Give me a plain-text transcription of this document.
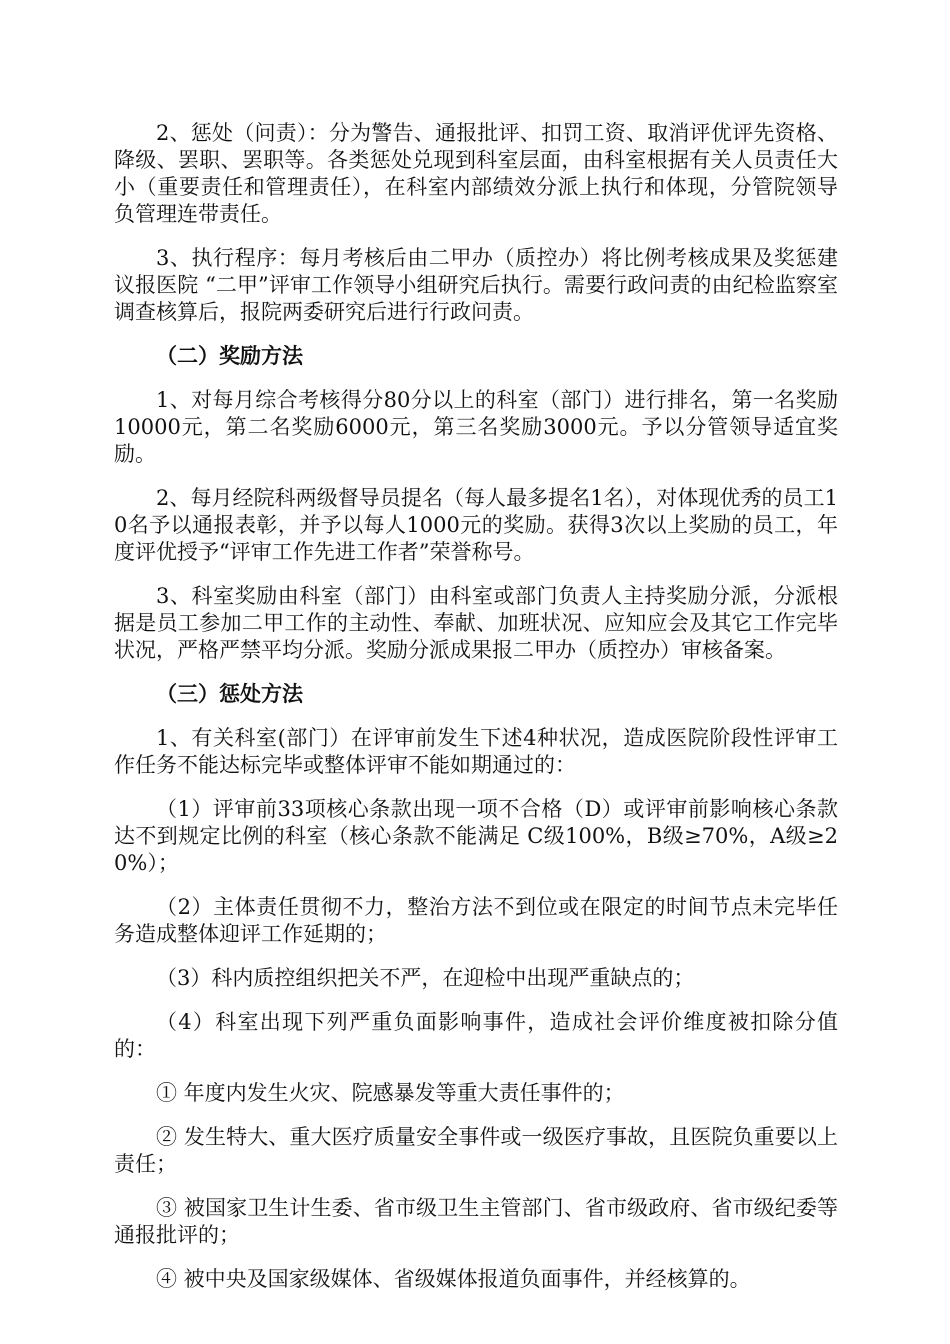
2、惩处（问责）：分为警告、通报批评、扣罚工资、取消评优评先资格、降级、罢职、罢职等。各类惩处兑现到科室层面，由科室根据有关人员责任大小（重要责任和管理责任），在科室内部绩效分派上执行和体现，分管院领导负管理连带责任。

3、执行程序：每月考核后由二甲办（质控办）将比例考核成果及奖惩建议报医院 “二甲”评审工作领导小组研究后执行。需要行政问责的由纪检监察室调查核算后，报院两委研究后进行行政问责。

（二）奖励方法

1、对每月综合考核得分80分以上的科室（部门）进行排名，第一名奖励10000元，第二名奖励6000元，第三名奖励3000元。予以分管领导适宜奖励。

2、每月经院科两级督导员提名（每人最多提名1名），对体现优秀的员工10名予以通报表彰，并予以每人1000元的奖励。获得3次以上奖励的员工，年度评优授予“评审工作先进工作者”荣誉称号。

3、科室奖励由科室（部门）由科室或部门负责人主持奖励分派，分派根据是员工参加二甲工作的主动性、奉献、加班状况、应知应会及其它工作完毕状况，严格严禁平均分派。奖励分派成果报二甲办（质控办）审核备案。

（三）惩处方法

1、有关科室(部门）在评审前发生下述4种状况，造成医院阶段性评审工作任务不能达标完毕或整体评审不能如期通过的：

（1）评审前33项核心条款出现一项不合格（D）或评审前影响核心条款达不到规定比例的科室（核心条款不能满足 C级100%，B级≥70%，A级≥20%）；

（2）主体责任贯彻不力，整治方法不到位或在限定的时间节点未完毕任务造成整体迎评工作延期的；

（3）科内质控组织把关不严，在迎检中出现严重缺点的；

（4）科室出现下列严重负面影响事件，造成社会评价维度被扣除分值的：

① 年度内发生火灾、院感暴发等重大责任事件的；

② 发生特大、重大医疗质量安全事件或一级医疗事故，且医院负重要以上责任；

③ 被国家卫生计生委、省市级卫生主管部门、省市级政府、省市级纪委等通报批评的；

④ 被中央及国家级媒体、省级媒体报道负面事件，并经核算的。
